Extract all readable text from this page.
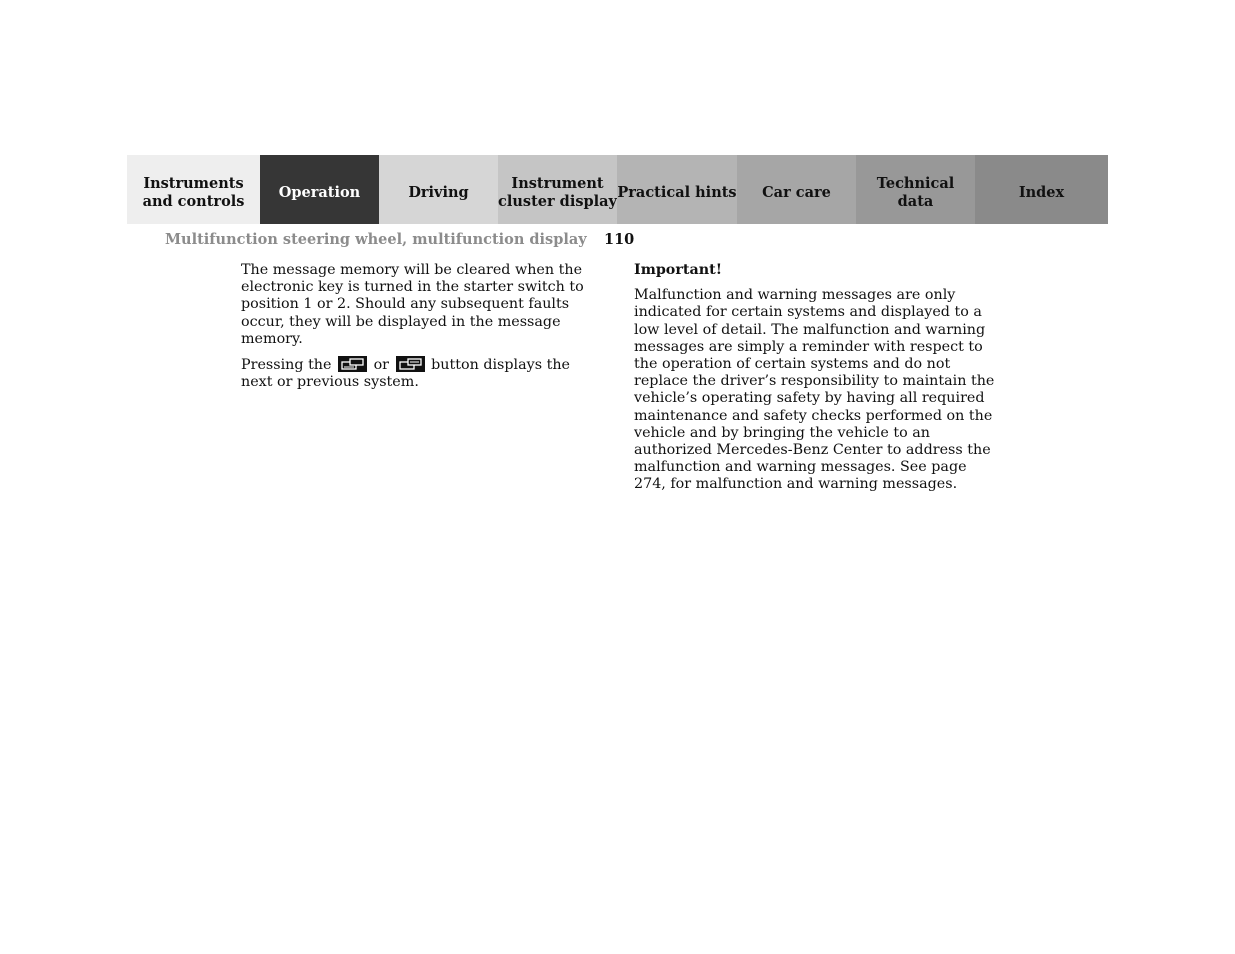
Instruments
and controls
Operation	Driving
Instrument
cluster display
Practical hints Car care
Technical
data
Index
Multifunction steering wheel, multifunction display 110

The message memory will be cleared when the electronic key is turned in the starter switch to position 1 or 2. Should any subsequent faults occur, they will be displayed in the message memory.

Pressing the	or	button displays the next or previous system.

Important!

Malfunction and warning messages are only indicated for certain systems and displayed to a low level of detail. The malfunction and warning messages are simply a reminder with respect to the operation of certain systems and do not replace the driver’s responsibility to maintain the vehicle’s operating safety by having all required maintenance and safety checks performed on the vehicle and by bringing the vehicle to an authorized Mercedes-Benz Center to address the malfunction and warning messages. See page 274, for malfunction and warning messages.
